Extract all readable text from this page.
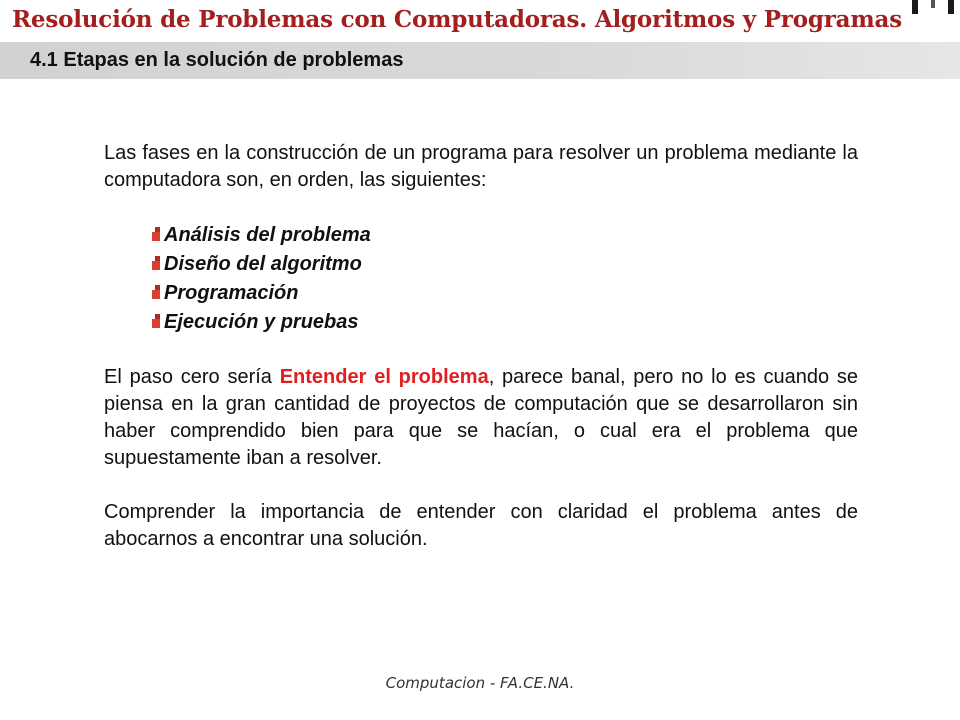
Resolución de Problemas con Computadoras. Algoritmos y Programas
4.1 Etapas en la solución de problemas

Las fases en la construcción de un programa para resolver un problema mediante la computadora son, en orden, las siguientes:

Análisis del problema
Diseño del algoritmo
Programación
Ejecución y pruebas

El paso cero sería Entender el problema, parece banal, pero no lo es cuando se piensa en la gran cantidad de proyectos de computación que se desarrollaron sin haber comprendido bien para que se hacían, o cual era el problema que supuestamente iban a resolver.

Comprender la importancia de entender con claridad el problema antes de abocarnos a encontrar una solución.

Computacion - FA.CE.NA.
